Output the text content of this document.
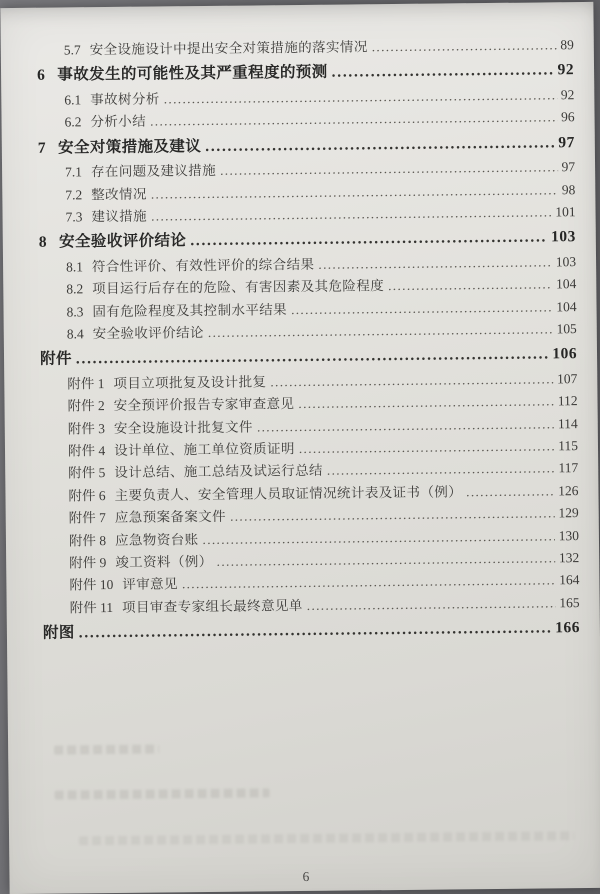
5.7 安全设施设计中提出安全对策措施的落实情况 .....	89
6 事故发生的可能性及其严重程度的预测 .....	92
6.1 事故树分析 .....	92
6.2 分析小结 .....	96
7 安全对策措施及建议 .....	97
7.1 存在问题及建议措施 .....	97
7.2 整改情况 .....	98
7.3 建议措施 .....	101
8 安全验收评价结论 .....	103
8.1 符合性评价、有效性评价的综合结果 .....	103
8.2 项目运行后存在的危险、有害因素及其危险程度 .....	104
8.3 固有危险程度及其控制水平结果 .....	104
8.4 安全验收评价结论 .....	105
附件 .....	106
附件 1 项目立项批复及设计批复 .....	107
附件 2 安全预评价报告专家审查意见 .....	112
附件 3 安全设施设计批复文件 .....	114
附件 4 设计单位、施工单位资质证明 .....	115
附件 5 设计总结、施工总结及试运行总结 .....	117
附件 6 主要负责人、安全管理人员取证情况统计表及证书（例） .....	126
附件 7 应急预案备案文件 .....	129
附件 8 应急物资台账 .....	130
附件 9 竣工资料（例） .....	132
附件 10 评审意见 .....	164
附件 11 项目审查专家组长最终意见单 .....	165
附图 .....	166
6
